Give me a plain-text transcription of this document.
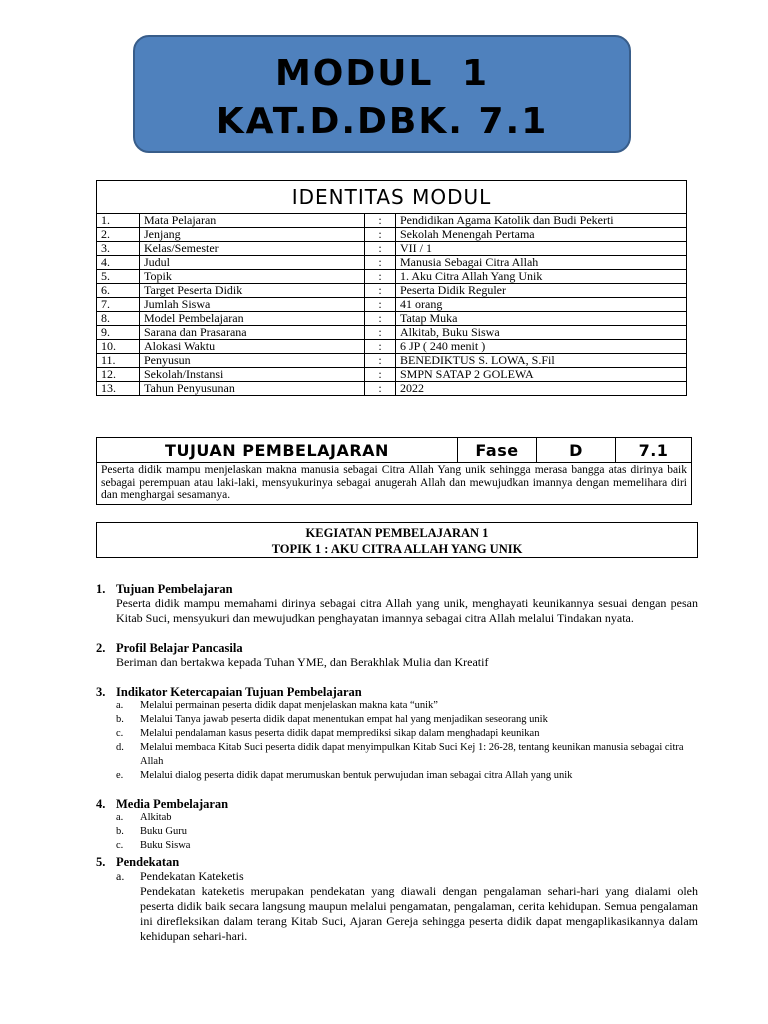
MODUL 1
KAT.D.DBK. 7.1
IDENTITAS MODUL			
1.	Mata Pelajaran	:	Pendidikan Agama Katolik dan Budi Pekerti
2.	Jenjang	:	Sekolah Menengah Pertama
3.	Kelas/Semester	:	VII / 1
4.	Judul	:	Manusia Sebagai Citra Allah
5.	Topik	:	1. Aku Citra Allah Yang Unik
6.	Target Peserta Didik	:	Peserta Didik Reguler
7.	Jumlah Siswa	:	41 orang
8.	Model Pembelajaran	:	Tatap Muka
9.	Sarana dan Prasarana	:	Alkitab, Buku Siswa
10.	Alokasi Waktu	:	6 JP ( 240 menit )
11.	Penyusun	:	BENEDIKTUS S. LOWA, S.Fil
12.	Sekolah/Instansi	:	SMPN SATAP 2 GOLEWA
13.	Tahun Penyusunan	:	2022
TUJUAN PEMBELAJARAN	Fase	D	7.1
Peserta didik mampu menjelaskan makna manusia sebagai Citra Allah Yang unik sehingga merasa bangga atas dirinya baik sebagai perempuan atau laki-laki, mensyukurinya sebagai anugerah Allah dan mewujudkan imannya dengan memelihara diri dan menghargai sesamanya.
KEGIATAN PEMBELAJARAN 1
TOPIK 1 : AKU CITRA ALLAH YANG UNIK
1. Tujuan Pembelajaran
Peserta didik mampu memahami dirinya sebagai citra Allah yang unik, menghayati keunikannya sesuai dengan pesan Kitab Suci, mensyukuri dan mewujudkan penghayatan imannya sebagai citra Allah melalui Tindakan nyata.
2. Profil Belajar Pancasila
Beriman dan bertakwa kepada Tuhan YME, dan Berakhlak Mulia dan Kreatif
3. Indikator Ketercapaian Tujuan Pembelajaran
a. Melalui permainan peserta didik dapat menjelaskan makna kata “unik”
b. Melalui Tanya jawab peserta didik dapat menentukan empat hal yang menjadikan seseorang unik
c. Melalui pendalaman kasus peserta didik dapat memprediksi sikap dalam menghadapi keunikan
d. Melalui membaca Kitab Suci peserta didik dapat menyimpulkan Kitab Suci Kej 1: 26-28, tentang keunikan manusia sebagai citra Allah
e. Melalui dialog peserta didik dapat merumuskan bentuk perwujudan iman sebagai citra Allah yang unik
4. Media Pembelajaran
a. Alkitab
b. Buku Guru
c. Buku Siswa
5. Pendekatan
a. Pendekatan Kateketis
Pendekatan kateketis merupakan pendekatan yang diawali dengan pengalaman sehari-hari yang dialami oleh peserta didik baik secara langsung maupun melalui pengamatan, pengalaman, cerita kehidupan. Semua pengalaman ini direfleksikan dalam terang Kitab Suci, Ajaran Gereja sehingga peserta didik dapat mengaplikasikannya dalam kehidupan sehari-hari.
